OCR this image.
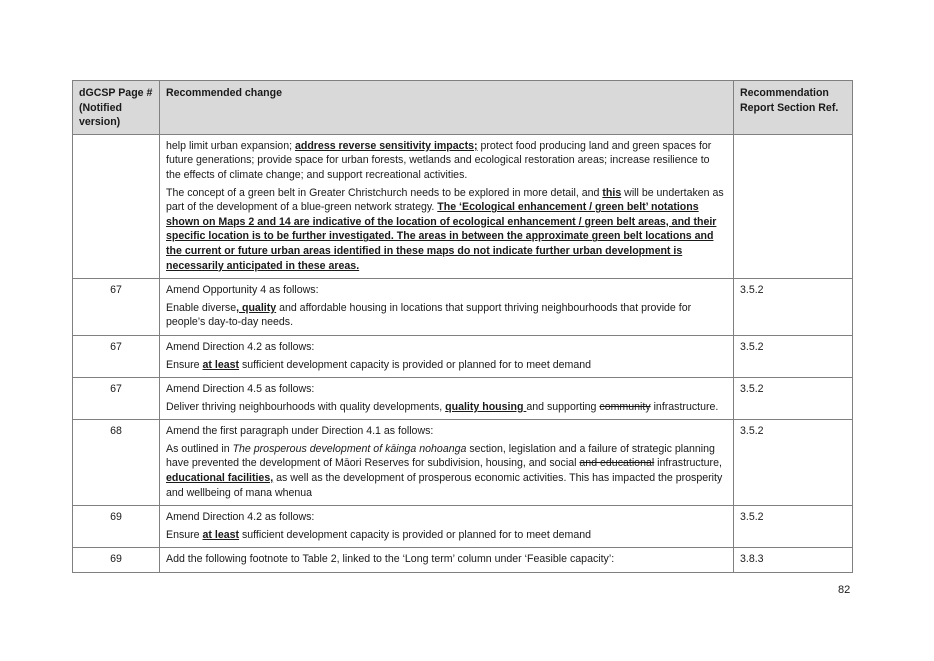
dGCSP Page # (Notified version)	Recommended change	Recommendation Report Section Ref.

	help limit urban expansion; address reverse sensitivity impacts; protect food producing land and green spaces for future generations; provide space for urban forests, wetlands and ecological restoration areas; increase resilience to the effects of climate change; and support recreational activities.

The concept of a green belt in Greater Christchurch needs to be explored in more detail, and this will be undertaken as part of the development of a blue-green network strategy. The ‘Ecological enhancement / green belt’ notations shown on Maps 2 and 14 are indicative of the location of ecological enhancement / green belt areas, and their specific location is to be further investigated. The areas in between the approximate green belt locations and the current or future urban areas identified in these maps do not indicate further urban development is necessarily anticipated in these areas.	

67	Amend Opportunity 4 as follows:

Enable diverse, quality and affordable housing in locations that support thriving neighbourhoods that provide for people’s day-to-day needs.	3.5.2
67	Amend Direction 4.2 as follows:

Ensure at least sufficient development capacity is provided or planned for to meet demand	3.5.2
67	Amend Direction 4.5 as follows:

Deliver thriving neighbourhoods with quality developments, quality housing and supporting community infrastructure.	3.5.2
68	Amend the first paragraph under Direction 4.1 as follows:

As outlined in The prosperous development of kāinga nohoanga section, legislation and a failure of strategic planning have prevented the development of Māori Reserves for subdivision, housing, and social and educational infrastructure, educational facilities, as well as the development of prosperous economic activities. This has impacted the prosperity and wellbeing of mana whenua	3.5.2
69	Amend Direction 4.2 as follows:

Ensure at least sufficient development capacity is provided or planned for to meet demand	3.5.2
69	Add the following footnote to Table 2, linked to the ‘Long term’ column under ‘Feasible capacity’:	3.8.3
82
